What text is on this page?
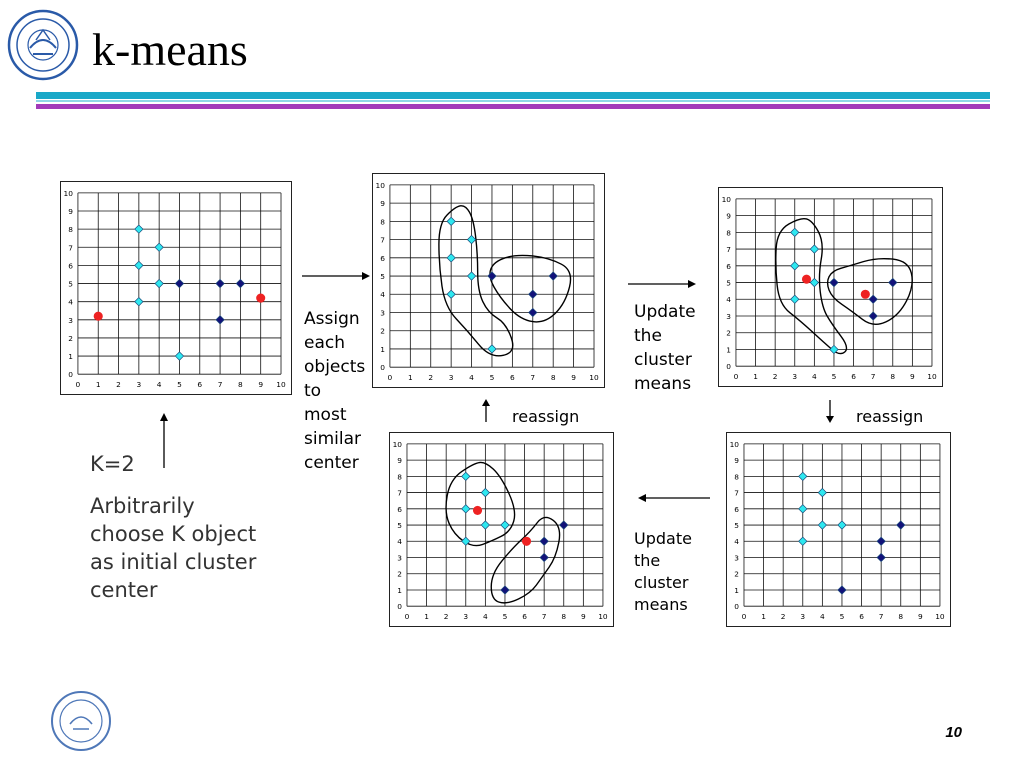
k-means
0
0
1
1
2
2
3
3
4
4
5
5
6
6
7
7
8
8
9
9
10
10
0
0
1
1
2
2
3
3
4
4
5
5
6
6
7
7
8
8
9
9
10
10
0
0
1
1
2
2
3
3
4
4
5
5
6
6
7
7
8
8
9
9
10
10
0
0
1
1
2
2
3
3
4
4
5
5
6
6
7
7
8
8
9
9
10
10
0
0
1
1
2
2
3
3
4
4
5
5
6
6
7
7
8
8
9
9
10
10
Assign
each
objects
to
most
similar
center
Update
the
cluster
means
reassign	reassign
Update
the
cluster
means
K=2
Arbitrarily
choose K object
as initial cluster
center
10
